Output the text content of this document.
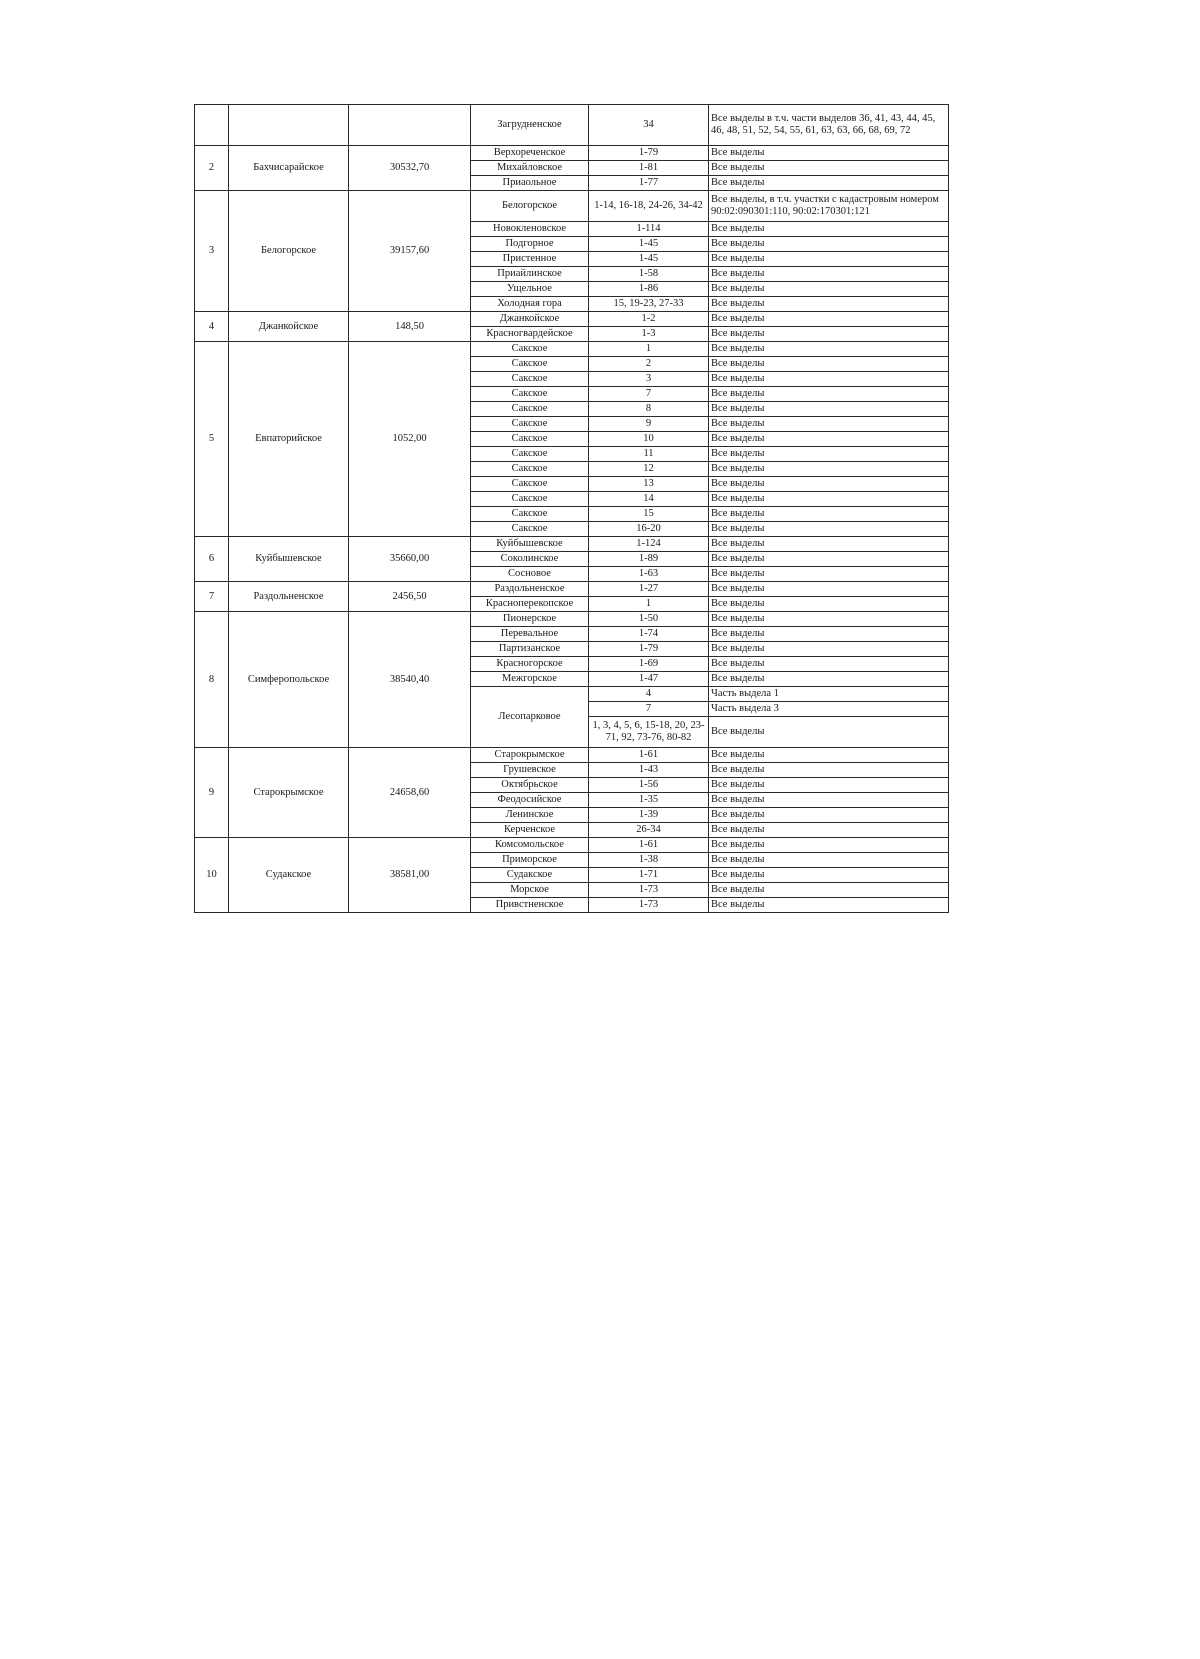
			Загрудненское	34	Все выделы в т.ч. части выделов 36, 41, 43, 44, 45, 46, 48, 51, 52, 54, 55, 61, 63, 63, 66, 68, 69, 72
2	Бахчисарайское	30532,70	Верхореченское	1-79	Все выделы
			Михайловское	1-81	Все выделы
			Приаольное	1-77	Все выделы
3	Белогорское	39157,60	Белогорское	1-14, 16-18, 24-26, 34-42	Все выделы, в т.ч. участки с кадастровым номером 90:02:090301:110, 90:02:170301:121
			Новокленовское	1-114	Все выделы
			Подгорное	1-45	Все выделы
			Пристенное	1-45	Все выделы
			Приайлинское	1-58	Все выделы
			Ущельное	1-86	Все выделы
			Холодная гора	15, 19-23, 27-33	Все выделы
4	Джанкойское	148,50	Джанкойское	1-2	Все выделы
			Красногвардейское	1-3	Все выделы
5	Евпаторийское	1052,00	Сакское	1	Все выделы
			Сакское	2	Все выделы
			Сакское	3	Все выделы
			Сакское	7	Все выделы
			Сакское	8	Все выделы
			Сакское	9	Все выделы
			Сакское	10	Все выделы
			Сакское	11	Все выделы
			Сакское	12	Все выделы
			Сакское	13	Все выделы
			Сакское	14	Все выделы
			Сакское	15	Все выделы
			Сакское	16-20	Все выделы
6	Куйбышевское	35660,00	Куйбышевское	1-124	Все выделы
			Соколинское	1-89	Все выделы
			Сосновое	1-63	Все выделы
7	Раздольненское	2456,50	Раздольненское	1-27	Все выделы
			Краснoперекопское	1	Все выделы
8	Симферопольское	38540,40	Пионерское	1-50	Все выделы
			Перевальное	1-74	Все выделы
			Партизанское	1-79	Все выделы
			Красногорское	1-69	Все выделы
			Межгорское	1-47	Все выделы
			Лесопарковое	4	Часть выдела 1
				7	Часть выдела 3
				1, 3, 4, 5, 6, 15-18, 20, 23-71, 92, 73-76, 80-82	Все выделы
9	Старокрымское	24658,60	Старокрымское	1-61	Все выделы
			Грушевское	1-43	Все выделы
			Октябрьское	1-56	Все выделы
			Феодосийское	1-35	Все выделы
			Ленинское	1-39	Все выделы
			Керченское	26-34	Все выделы
10	Судакское	38581,00	Комсомольское	1-61	Все выделы
			Приморское	1-38	Все выделы
			Судакское	1-71	Все выделы
			Морское	1-73	Все выделы
			Привстненское	1-73	Все выделы
